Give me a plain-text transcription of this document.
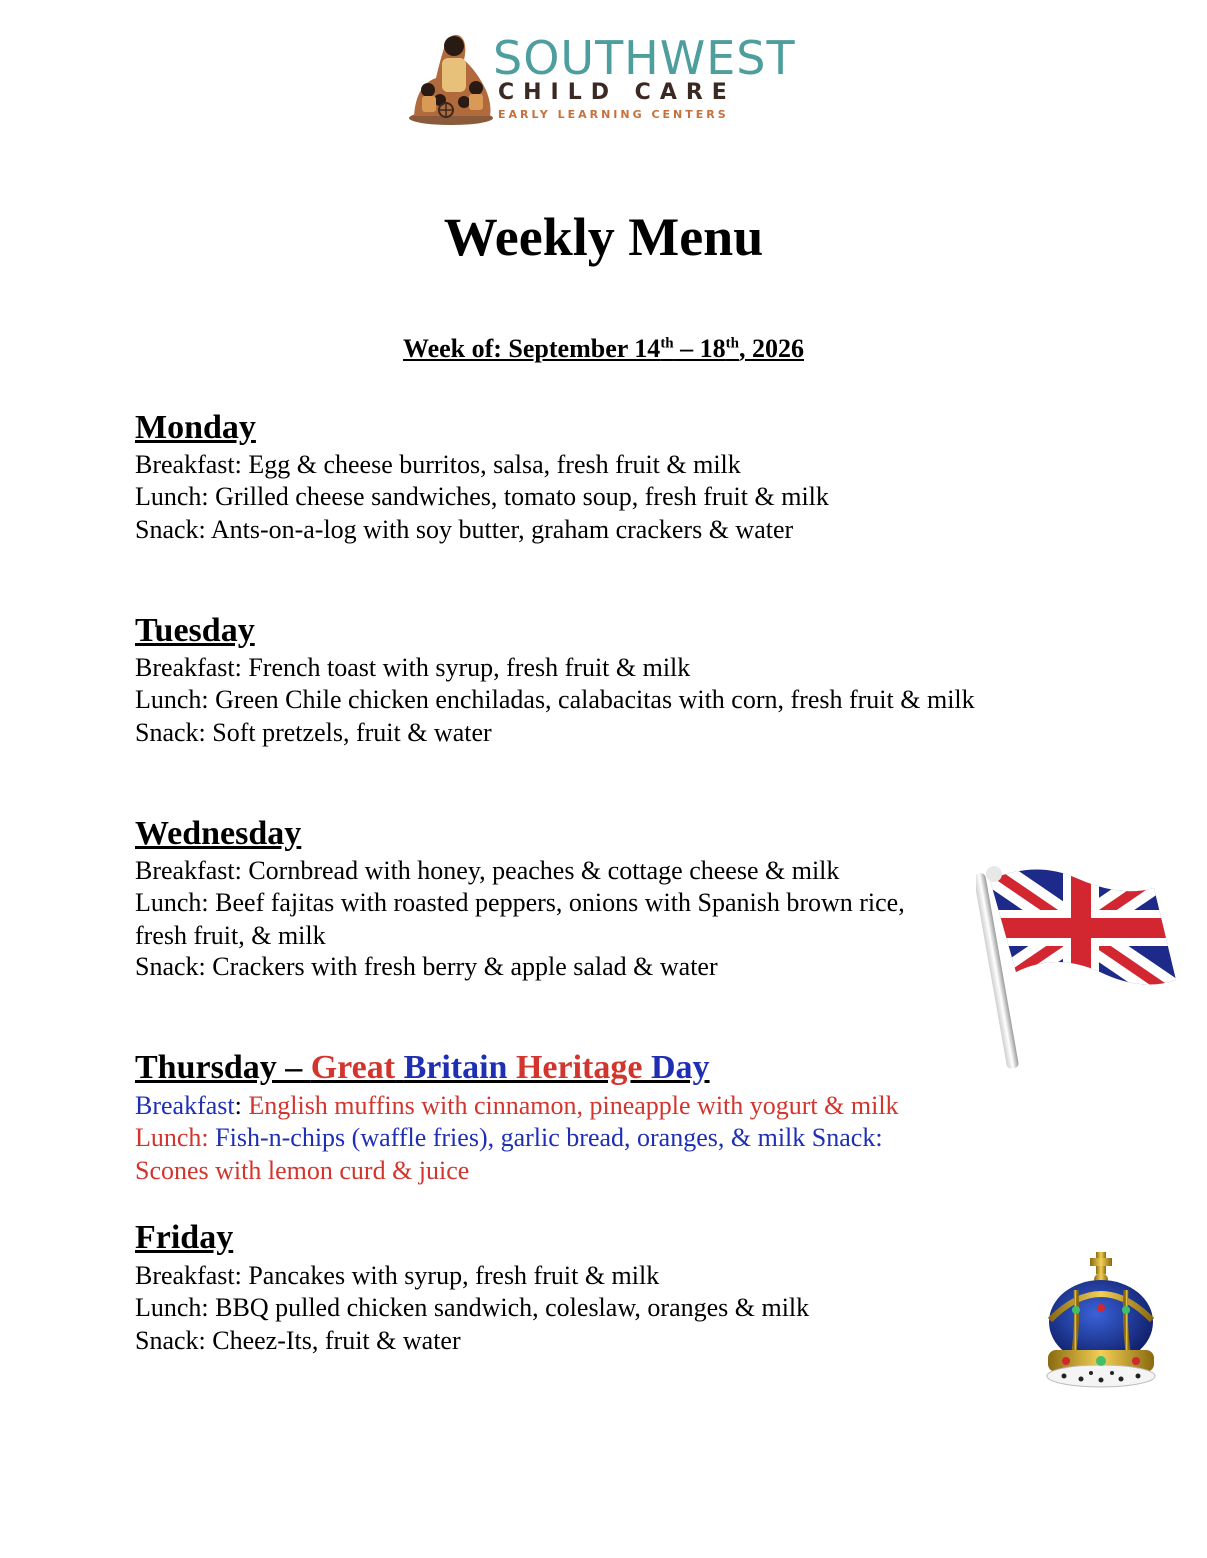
SOUTHWEST
CHILD CARE
EARLY LEARNING CENTERS
Weekly Menu
Week of: September 14th – 18th, 2026
Monday
Breakfast: Egg & cheese burritos, salsa, fresh fruit & milk
Lunch: Grilled cheese sandwiches, tomato soup, fresh fruit & milk
Snack: Ants-on-a-log with soy butter, graham crackers & water
Tuesday
Breakfast: French toast with syrup, fresh fruit & milk
Lunch: Green Chile chicken enchiladas, calabacitas with corn, fresh fruit & milk
Snack: Soft pretzels, fruit & water
Wednesday
Breakfast: Cornbread with honey, peaches & cottage cheese & milk
Lunch: Beef fajitas with roasted peppers, onions with Spanish brown rice,
fresh fruit, & milk
Snack: Crackers with fresh berry & apple salad & water
Thursday – Great Britain Heritage Day
Breakfast: English muffins with cinnamon, pineapple with yogurt & milk
Lunch: Fish-n-chips (waffle fries), garlic bread, oranges, & milk Snack:
Scones with lemon curd & juice
Friday
Breakfast: Pancakes with syrup, fresh fruit & milk
Lunch: BBQ pulled chicken sandwich, coleslaw, oranges & milk
Snack: Cheez-Its, fruit & water
